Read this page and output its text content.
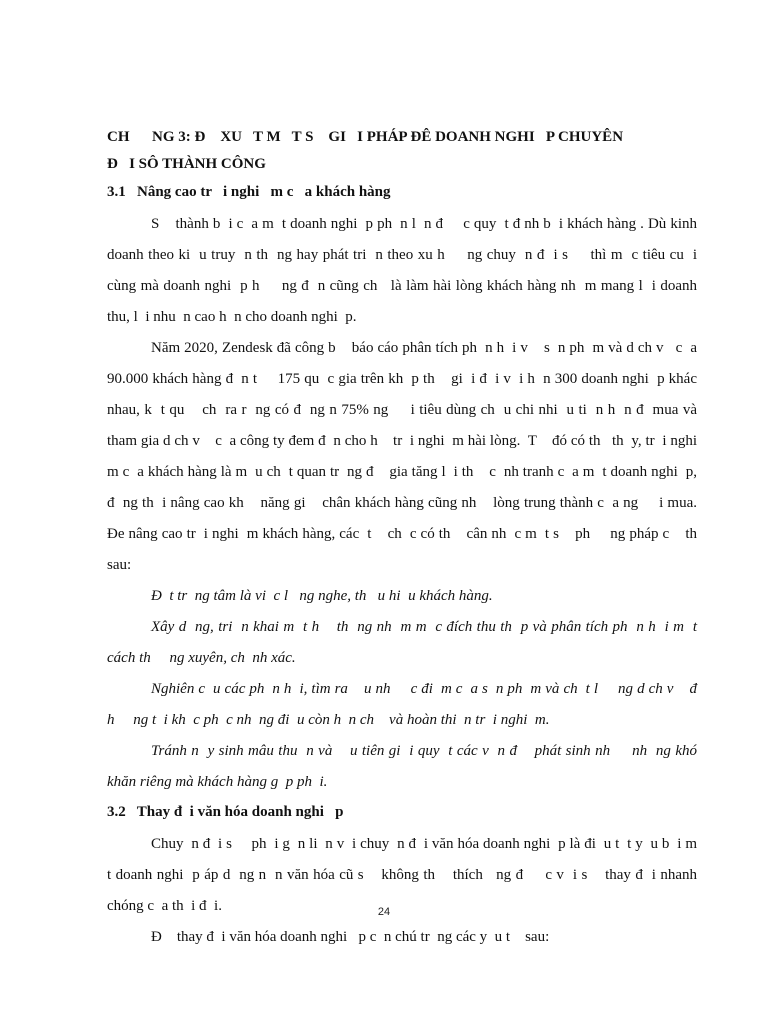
CH      NG 3: Đ    XU   T M   T S    GI   I PHÁP ĐÊ DOANH NGHI   P CHUYÊN

Đ   I SÔ THÀNH CÔNG

3.1   Nâng cao tr   i nghi   m c   a khách hàng

S    thành b  i c  a m  t doanh nghi  p ph  n l  n đ     c quy  t đ nh b  i khách hàng . Dù kinh doanh theo ki  u truy  n th  ng hay phát tri  n theo xu h     ng chuy  n đ  i s     thì m  c tiêu cu  i cùng mà doanh nghi  p h     ng đ  n cũng ch   là làm hài lòng khách hàng nh  m mang l  i doanh thu, l  i nhu  n cao h  n cho doanh nghi  p.

Năm 2020, Zendesk đã công b    báo cáo phân tích ph  n h  i v    s  n ph  m và d ch v   c  a 90.000 khách hàng đ  n t     175 qu  c gia trên kh  p th    gi  i đ  i v  i h  n 300 doanh nghi  p khác nhau, k  t qu    ch  ra r  ng có đ  ng n 75% ng     i tiêu dùng ch  u chi nhi  u ti  n h  n đ  mua và tham gia d ch v    c  a công ty đem đ  n cho h    tr  i nghi  m hài lòng.  T    đó có th   th  y, tr  i nghi  m c  a khách hàng là m  u ch  t quan tr  ng đ    gia tăng l  i th    c  nh tranh c  a m  t doanh nghi  p, đ  ng th  i nâng cao kh    năng gi    chân khách hàng cũng nh    lòng trung thành c  a ng     i mua. Đe nâng cao tr  i nghi  m khách hàng, các  t    ch  c có th    cân nh  c m  t s    ph     ng pháp c    th    sau:

Đ  t tr  ng tâm là vi  c l   ng nghe, th   u hi  u khách hàng.

Xây d  ng, tri  n khai m  t h    th  ng nh  m m  c đích thu th  p và phân tích ph  n h  i m  t cách th     ng xuyên, ch  nh xác.

Nghiên c  u các ph  n h  i, tìm ra    u nh     c đi  m c  a s  n ph  m và ch  t l     ng d ch v    đ    h     ng t  i kh  c ph  c nh  ng đi  u còn h  n ch    và hoàn thi  n tr  i nghi  m.

Tránh n  y sinh mâu thu  n và    u tiên gi  i quy  t các v  n đ    phát sinh nh     nh  ng khó khăn riêng mà khách hàng g  p ph  i.

3.2   Thay đ  i văn hóa doanh nghi   p

Chuy  n đ  i s     ph  i g  n li  n v  i chuy  n đ  i văn hóa doanh nghi  p là đi  u t  t y  u b  i m  t doanh nghi  p áp d  ng n  n văn hóa cũ s    không th    thích   ng đ     c v  i s    thay đ  i nhanh chóng c  a th  i đ  i.

Đ    thay đ  i văn hóa doanh nghi   p c  n chú tr  ng các y  u t    sau:

24
